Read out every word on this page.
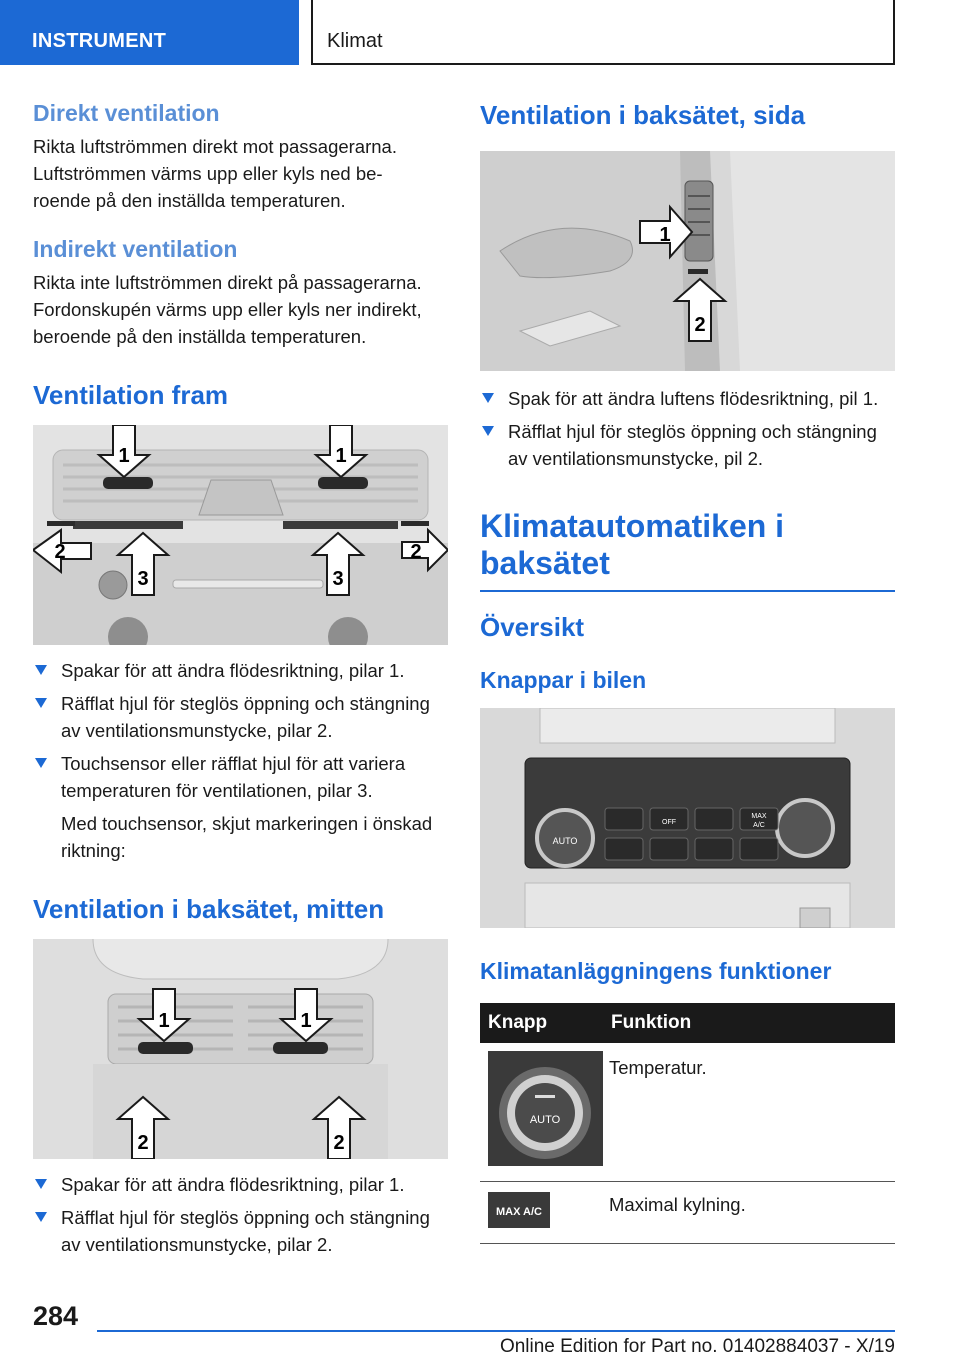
INSTRUMENT	Klimat
Direkt ventilation

Rikta luftströmmen direkt mot passagerarna.
Luftströmmen värms upp eller kyls ned be‐
roende på den inställda temperaturen.

Indirekt ventilation

Rikta inte luftströmmen direkt på passagerarna.
Fordonskupén värms upp eller kyls ner indirekt,
beroende på den inställda temperaturen.

Ventilation fram
1	1
2	2
3	3
Spakar för att ändra flödesriktning, pilar 1.
Räfflat hjul för steglös öppning och stängning
av ventilationsmunstycke, pilar 2.
Touchsensor eller räfflat hjul för att variera
temperaturen för ventilationen, pilar 3.

Med touchsensor, skjut markeringen i önskad
riktning:

Ventilation i baksätet, mitten
1	1
2	2
Spakar för att ändra flödesriktning, pilar 1.
Räfflat hjul för steglös öppning och stängning
av ventilationsmunstycke, pilar 2.
Ventilation i baksätet, sida
1
2
Spak för att ändra luftens flödesriktning, pil 1.
Räfflat hjul för steglös öppning och stängning
av ventilationsmunstycke, pil 2.
Klimatautomatiken i
baksätet
Översikt
Knappar i bilen
AUTO
OFF
MAX
A/C
Klimatanläggningens funktioner
Knapp	Funktion

AUTO	Temperatur.

MAX A/C	Maximal kylning.
284
Online Edition for Part no. 01402884037 - X/19
